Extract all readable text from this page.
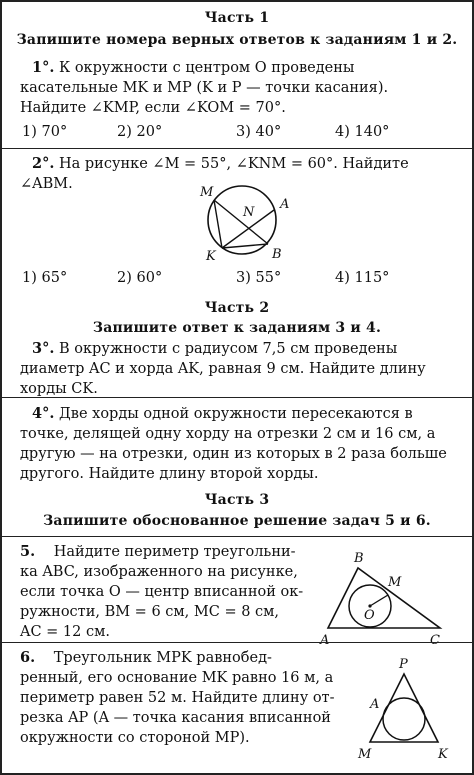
Часть 1
Запишите номера верных ответов к заданиям 1 и 2.
1°. К окружности с центром O проведены касательные MK и MP (K и P — точки касания). Найдите ∠KMP, если ∠KOM = 70°.
1) 70°	2) 20°	3) 40°	4) 140°
2°. На рисунке ∠M = 55°, ∠KNM = 60°. Найдите ∠ABM.
M
A
N
K	B
1) 65°	2) 60°	3) 55°	4) 115°
Часть 2
Запишите ответ к заданиям 3 и 4.
3°. В окружности с радиусом 7,5 см проведены диаметр AC и хорда AK, равная 9 см. Найдите длину хорды CK.
4°. Две хорды одной окружности пересекаются в точке, делящей одну хорду на отрезки 2 см и 16 см, а другую — на отрезки, один из которых в 2 раза больше другого. Найдите длину второй хорды.
Часть 3
Запишите обоснованное решение задач 5 и 6.
5. Найдите периметр треугольни-
ка ABC, изображенного на рисунке,
если точка O — центр вписанной ок-
ружности, BM = 6 см, MC = 8 см,
AC = 12 см.
B
M
O
A	C
6. Треугольник MPK равнобед-
ренный, его основание MK равно 16 м, а
периметр равен 52 м. Найдите длину от-
резка AP (A — точка касания вписанной
окружности со стороной MP).
P
A
M	K
